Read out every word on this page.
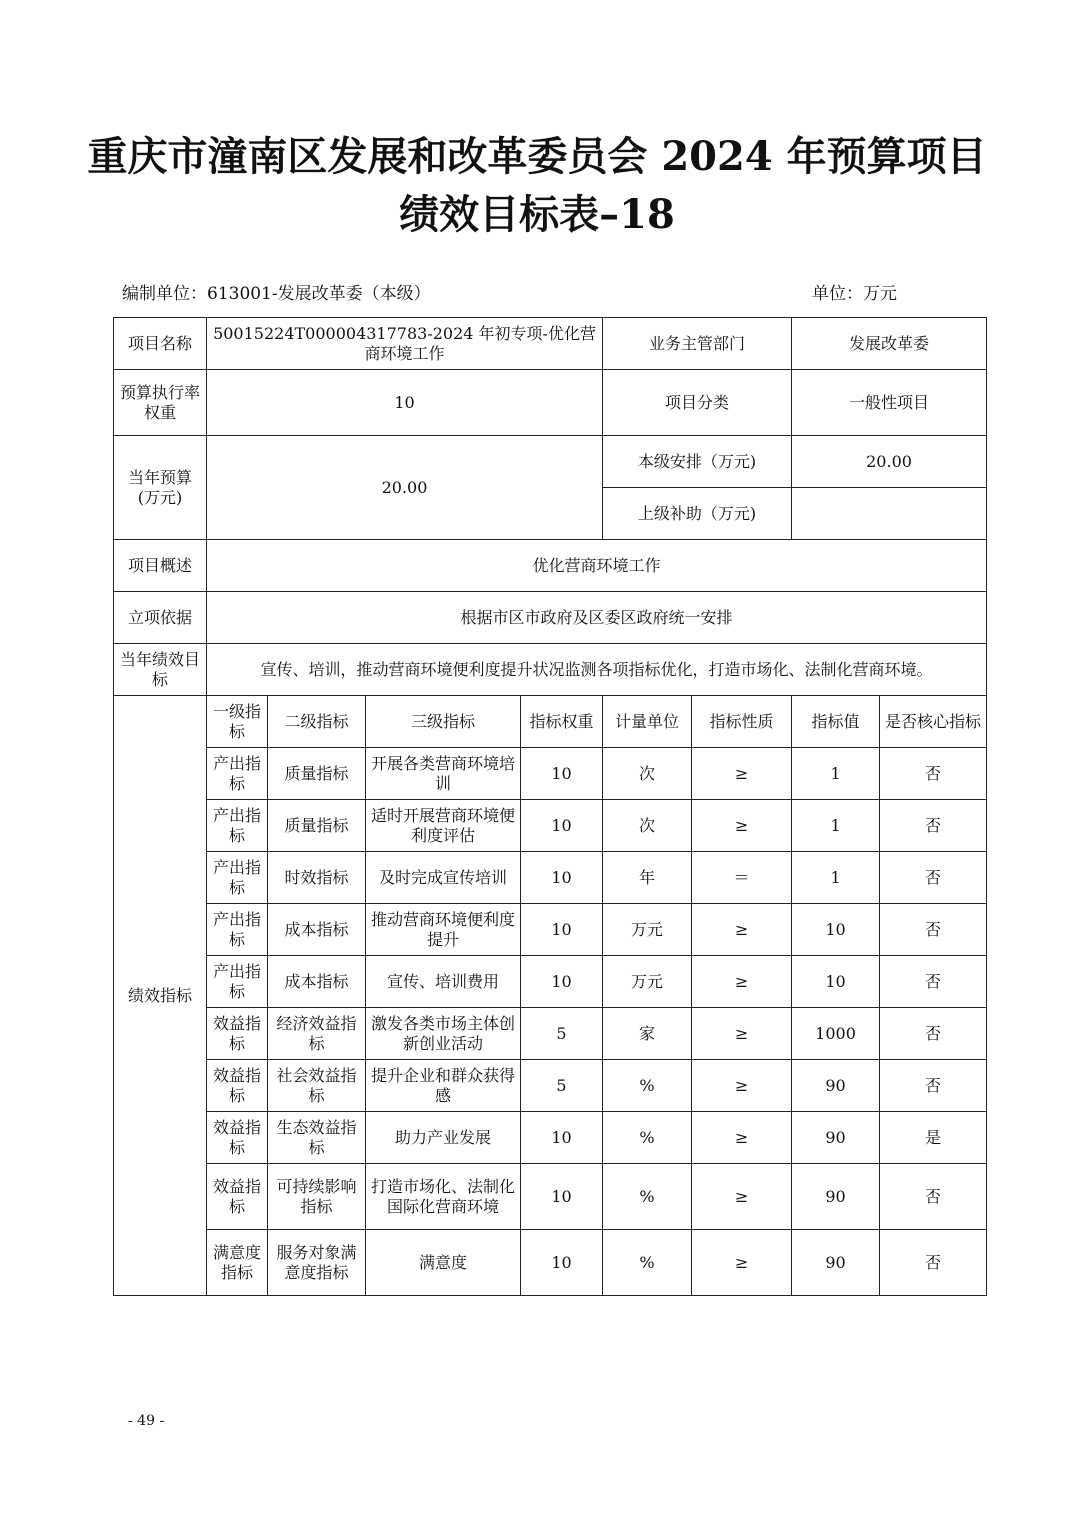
重庆市潼南区发展和改革委员会 2024 年预算项目
绩效目标表–18
编制单位：613001-发展改革委（本级）	单位：万元
项目名称	50015224T000004317783-2024 年初专项-优化营商环境工作				业务主管部门		发展改革委	
预算执行率权重	10				项目分类		一般性项目	
当年预算(万元)	20.00				本级安排（万元)		20.00	
					上级补助（万元)			
项目概述	优化营商环境工作							
立项依据	根据市区市政府及区委区政府统一安排							
当年绩效目标	宣传、培训，推动营商环境便利度提升状况监测各项指标优化，打造市场化、法制化营商环境。							
绩效指标	一级指标	二级指标	三级指标	指标权重	计量单位	指标性质	指标值	是否核心指标
	产出指标	质量指标	开展各类营商环境培训	10	次	≥	1	否
	产出指标	质量指标	适时开展营商环境便利度评估	10	次	≥	1	否
	产出指标	时效指标	及时完成宣传培训	10	年	＝	1	否
	产出指标	成本指标	推动营商环境便利度提升	10	万元	≥	10	否
	产出指标	成本指标	宣传、培训费用	10	万元	≥	10	否
	效益指标	经济效益指标	激发各类市场主体创新创业活动	5	家	≥	1000	否
	效益指标	社会效益指标	提升企业和群众获得感	5	%	≥	90	否
	效益指标	生态效益指标	助力产业发展	10	%	≥	90	是
	效益指标	可持续影响指标	打造市场化、法制化国际化营商环境	10	%	≥	90	否
	满意度指标	服务对象满意度指标	满意度	10	%	≥	90	否
- 49 -
